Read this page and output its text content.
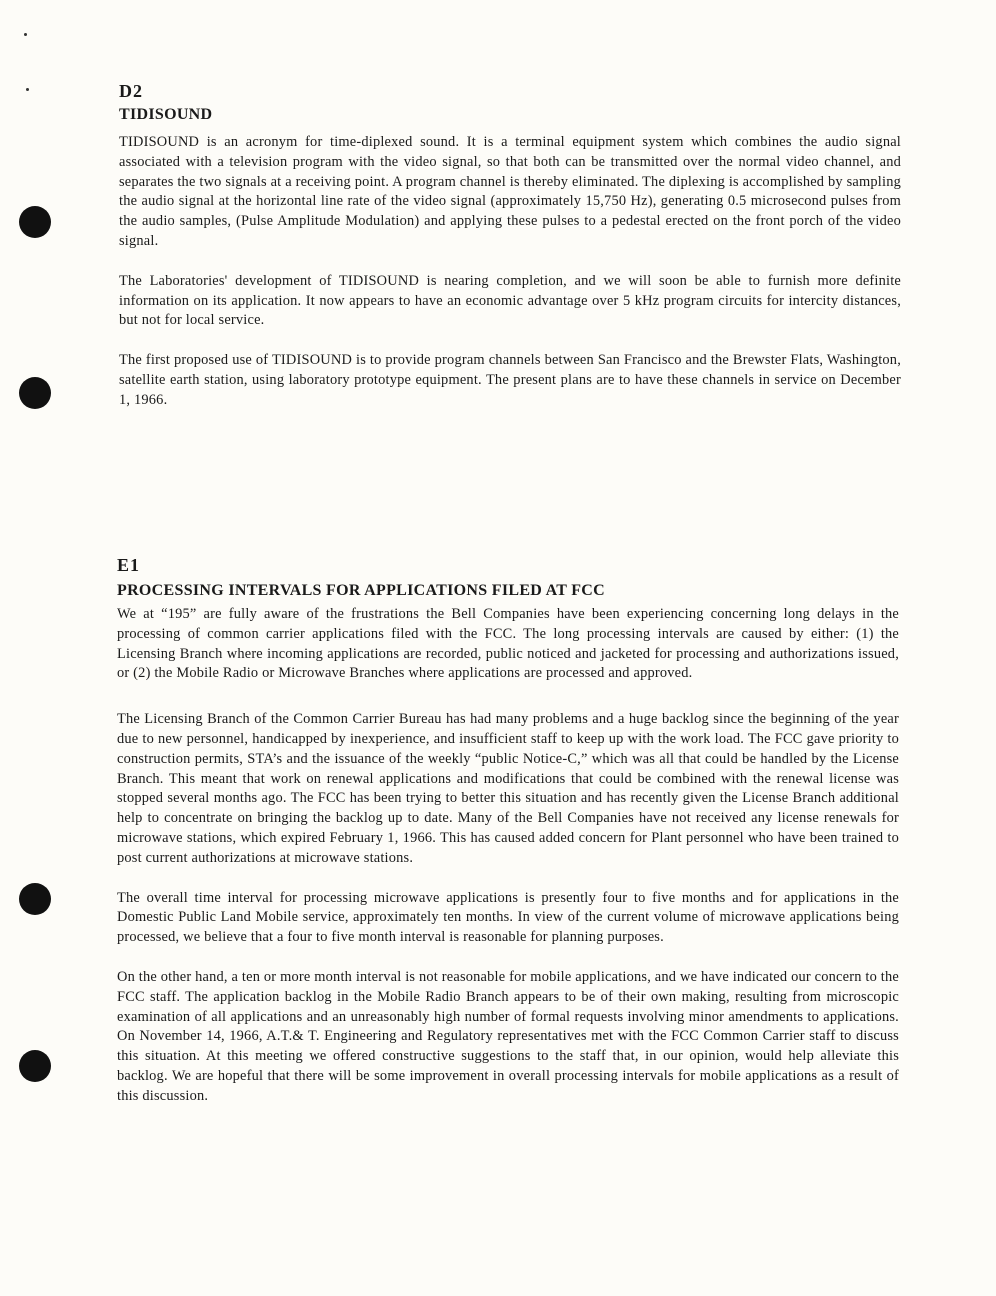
D2

TIDISOUND

TIDISOUND is an acronym for time-diplexed sound. It is a terminal equipment system which combines the audio signal associated with a television program with the video signal, so that both can be transmitted over the normal video channel, and separates the two signals at a receiving point. A program channel is thereby eliminated. The diplexing is accomplished by sampling the audio signal at the horizontal line rate of the video signal (approximately 15,750 Hz), generating 0.5 microsecond pulses from the audio samples, (Pulse Amplitude Modulation) and applying these pulses to a pedestal erected on the front porch of the video signal.

The Laboratories' development of TIDISOUND is nearing completion, and we will soon be able to furnish more definite information on its application. It now appears to have an economic advantage over 5 kHz program circuits for intercity distances, but not for local service.

The first proposed use of TIDISOUND is to provide program channels between San Francisco and the Brewster Flats, Washington, satellite earth station, using laboratory prototype equipment. The present plans are to have these channels in service on December 1, 1966.

E1

PROCESSING INTERVALS FOR APPLICATIONS FILED AT FCC

We at “195” are fully aware of the frustrations the Bell Companies have been experiencing concerning long delays in the processing of common carrier applications filed with the FCC. The long processing intervals are caused by either: (1) the Licensing Branch where incoming applications are recorded, public noticed and jacketed for processing and authorizations issued, or (2) the Mobile Radio or Microwave Branches where applications are processed and approved.

The Licensing Branch of the Common Carrier Bureau has had many problems and a huge backlog since the beginning of the year due to new personnel, handicapped by inexperience, and insufficient staff to keep up with the work load. The FCC gave priority to construction permits, STA’s and the issuance of the weekly “public Notice-C,” which was all that could be handled by the License Branch. This meant that work on renewal applications and modifications that could be combined with the renewal license was stopped several months ago. The FCC has been trying to better this situation and has recently given the License Branch additional help to concentrate on bringing the backlog up to date. Many of the Bell Companies have not received any license renewals for microwave stations, which expired February 1, 1966. This has caused added concern for Plant personnel who have been trained to post current authorizations at microwave stations.

The overall time interval for processing microwave applications is presently four to five months and for applications in the Domestic Public Land Mobile service, approximately ten months. In view of the current volume of microwave applications being processed, we believe that a four to five month interval is reasonable for planning purposes.

On the other hand, a ten or more month interval is not reasonable for mobile applications, and we have indicated our concern to the FCC staff. The application backlog in the Mobile Radio Branch appears to be of their own making, resulting from microscopic examination of all applications and an unreasonably high number of formal requests involving minor amendments to applications. On November 14, 1966, A.T.& T. Engineering and Regulatory representatives met with the FCC Common Carrier staff to discuss this situation. At this meeting we offered constructive suggestions to the staff that, in our opinion, would help alleviate this backlog. We are hopeful that there will be some improvement in overall processing intervals for mobile applications as a result of this discussion.
